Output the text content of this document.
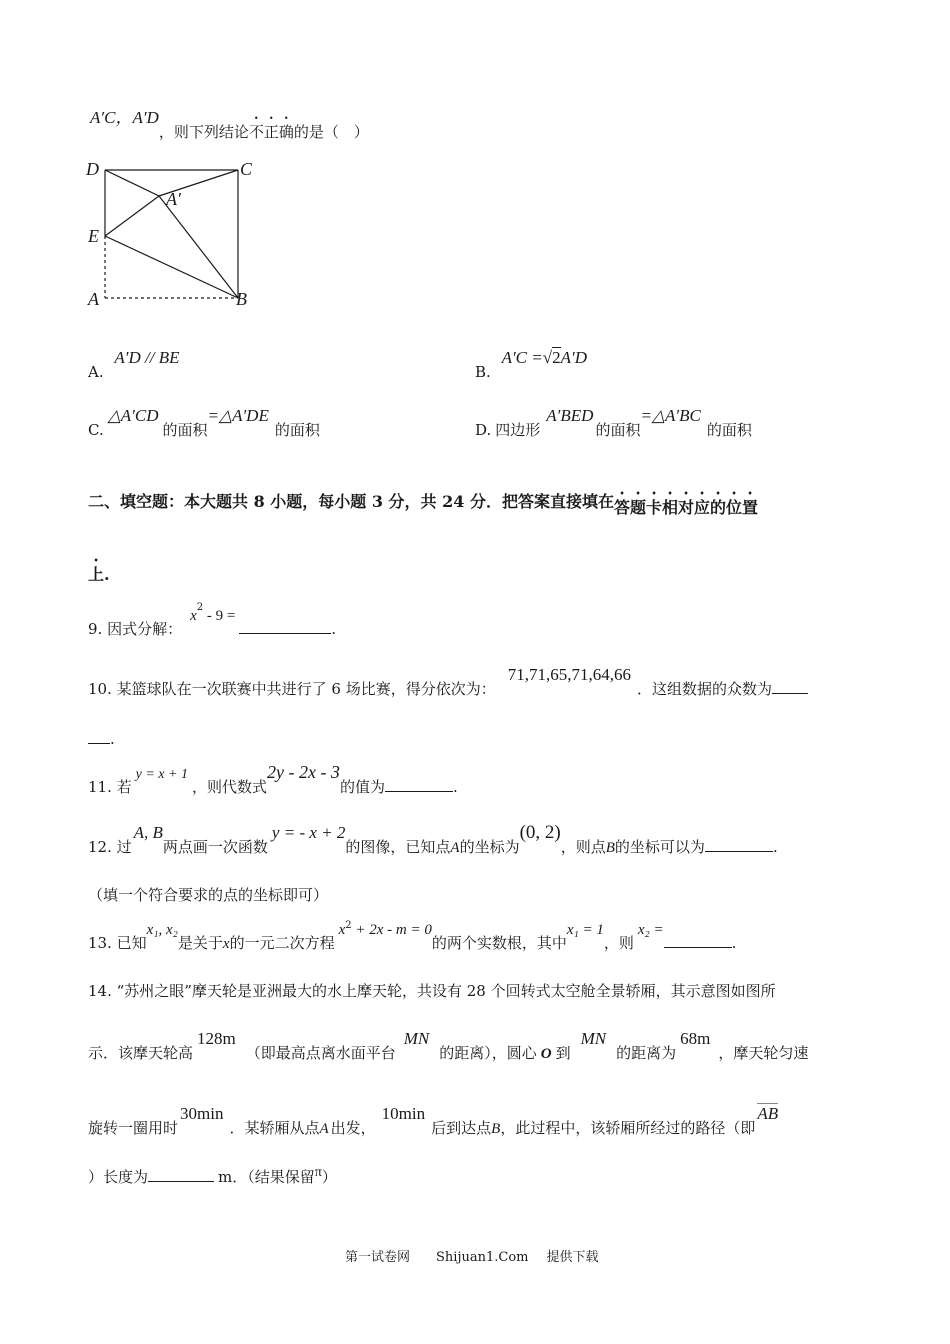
A′C，A′D，则下列结论不正确的是（　）
D	C
A′
E
A	B
A. A′D // BE
B. A′C =√2A′D
C.△A′CD的面积=△A′DE的面积	D. 四边形A′BED的面积=△A′BC的面积
二、填空题：本大题共 8 小题，每小题 3 分，共 24 分．把答案直接填在答题卡相对应的位置
上.
9. 因式分解：$x^2 - 9$ =.
10. 某篮球队在一次联赛中共进行了 6 场比赛，得分依次为：71,71,65,71,64,66．这组数据的众数为
.
11. 若y = x + 1，则代数式2y - 2x - 3的值为	.
12. 过A, B两点画一次函数y = - x + 2的图像，已知点A的坐标为(0, 2)，则点B的坐标可以为	.
（填一个符合要求的点的坐标即可）
13. 已知x₁, x₂是关于x的一元二次方程$x^2 + 2x - m = 0$的两个实数根，其中x₁ = 1，则x₂ =.
14. “苏州之眼”摩天轮是亚洲最大的水上摩天轮，共设有 28 个回转式太空舱全景轿厢，其示意图如图所
示．该摩天轮高128m（即最高点离水面平台MN的距离），圆心 O 到MN的距离为68m，摩天轮匀速
旋转一圈用时30min．某轿厢从点A 出发，10min后到达点B，此过程中，该轿厢所经过的路径（即AB
）长度为	m．（结果保留π）
第一试卷网 Shijuan1.Com 提供下载
